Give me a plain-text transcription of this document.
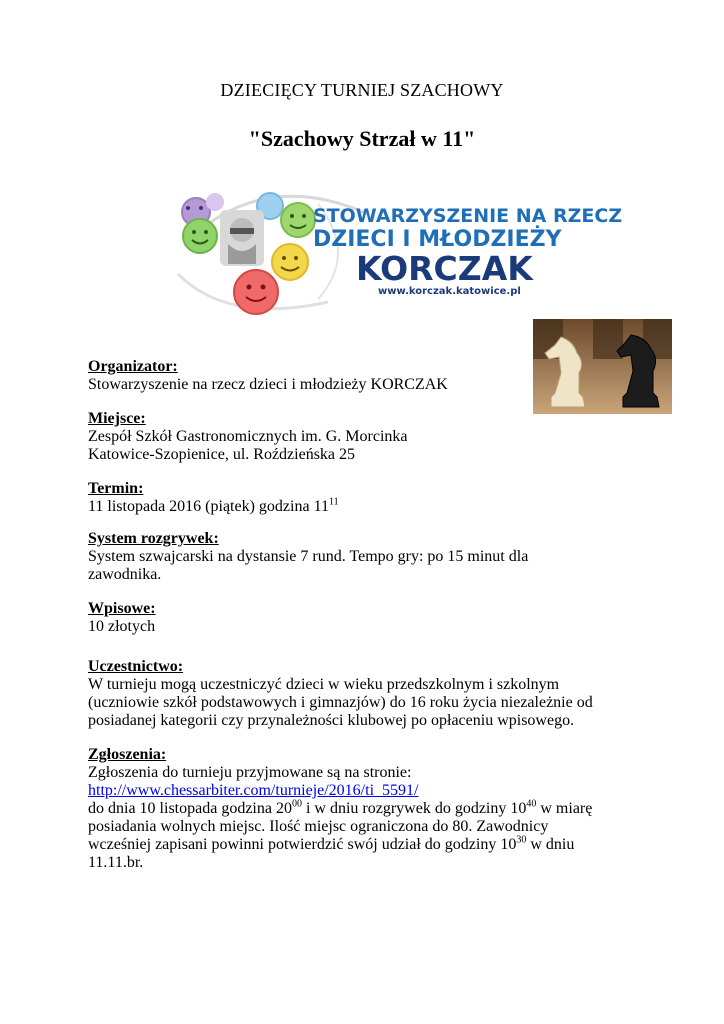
DZIECIĘCY TURNIEJ SZACHOWY
"Szachowy Strzał w 11"
STOWARZYSZENIE NA RZECZ
DZIECI I MŁODZIEŻY
KORCZAK
www.korczak.katowice.pl
Organizator:
Stowarzyszenie na rzecz dzieci i młodzieży KORCZAK
Miejsce:
Zespół Szkół Gastronomicznych im. G. Morcinka
Katowice-Szopienice, ul. Roździeńska 25
Termin:
11 listopada 2016 (piątek) godzina $11^{11}$
System rozgrywek:
System szwajcarski na dystansie 7 rund. Tempo gry: po 15 minut dla
zawodnika.
Wpisowe:
10 złotych
Uczestnictwo:
W turnieju mogą uczestniczyć dzieci w wieku przedszkolnym i szkolnym
(uczniowie szkół podstawowych i gimnazjów) do 16 roku życia niezależnie od
posiadanej kategorii czy przynależności klubowej po opłaceniu wpisowego.
Zgłoszenia:
Zgłoszenia do turnieju przyjmowane są na stronie:
http://www.chessarbiter.com/turnieje/2016/ti_5591/
do dnia 10 listopada godzina $20^{00}$ i w dniu rozgrywek do godziny $10^{40}$ w miarę
posiadania wolnych miejsc. Ilość miejsc ograniczona do 80. Zawodnicy
wcześniej zapisani powinni potwierdzić swój udział do godziny $10^{30}$ w dniu
11.11.br.
